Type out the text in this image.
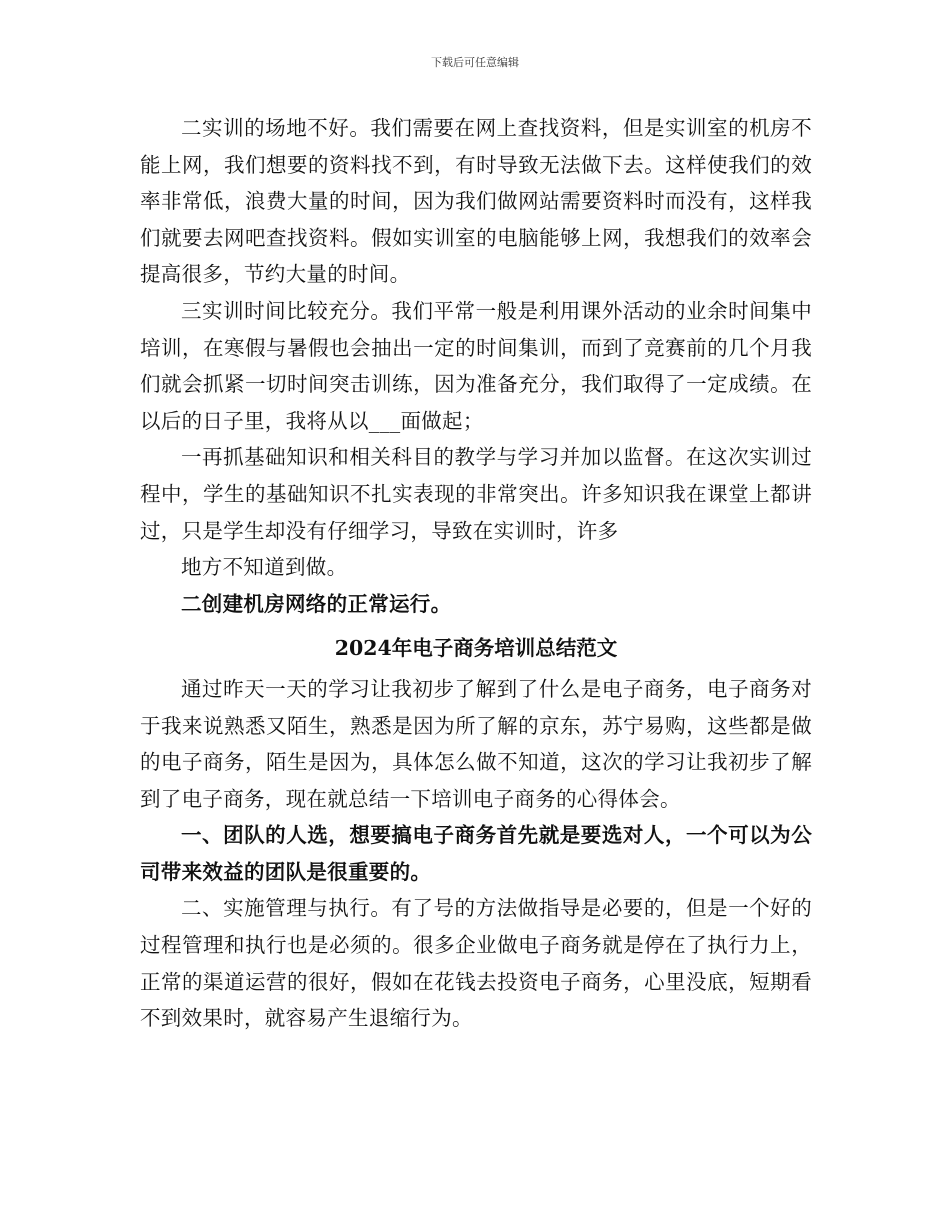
下载后可任意编辑

二实训的场地不好。我们需要在网上查找资料，但是实训室的机房不能上网，我们想要的资料找不到，有时导致无法做下去。这样使我们的效率非常低，浪费大量的时间，因为我们做网站需要资料时而没有，这样我们就要去网吧查找资料。假如实训室的电脑能够上网，我想我们的效率会提高很多，节约大量的时间。

三实训时间比较充分。我们平常一般是利用课外活动的业余时间集中培训，在寒假与暑假也会抽出一定的时间集训，而到了竞赛前的几个月我们就会抓紧一切时间突击训练，因为准备充分，我们取得了一定成绩。在以后的日子里，我将从以___面做起；

一再抓基础知识和相关科目的教学与学习并加以监督。在这次实训过程中，学生的基础知识不扎实表现的非常突出。许多知识我在课堂上都讲过，只是学生却没有仔细学习，导致在实训时，许多

地方不知道到做。

二创建机房网络的正常运行。

2024年电子商务培训总结范文

通过昨天一天的学习让我初步了解到了什么是电子商务，电子商务对于我来说熟悉又陌生，熟悉是因为所了解的京东，苏宁易购，这些都是做的电子商务，陌生是因为，具体怎么做不知道，这次的学习让我初步了解到了电子商务，现在就总结一下培训电子商务的心得体会。

一、团队的人选，想要搞电子商务首先就是要选对人，一个可以为公司带来效益的团队是很重要的。

二、实施管理与执行。有了号的方法做指导是必要的，但是一个好的过程管理和执行也是必须的。很多企业做电子商务就是停在了执行力上，正常的渠道运营的很好，假如在花钱去投资电子商务，心里没底，短期看不到效果时，就容易产生退缩行为。
